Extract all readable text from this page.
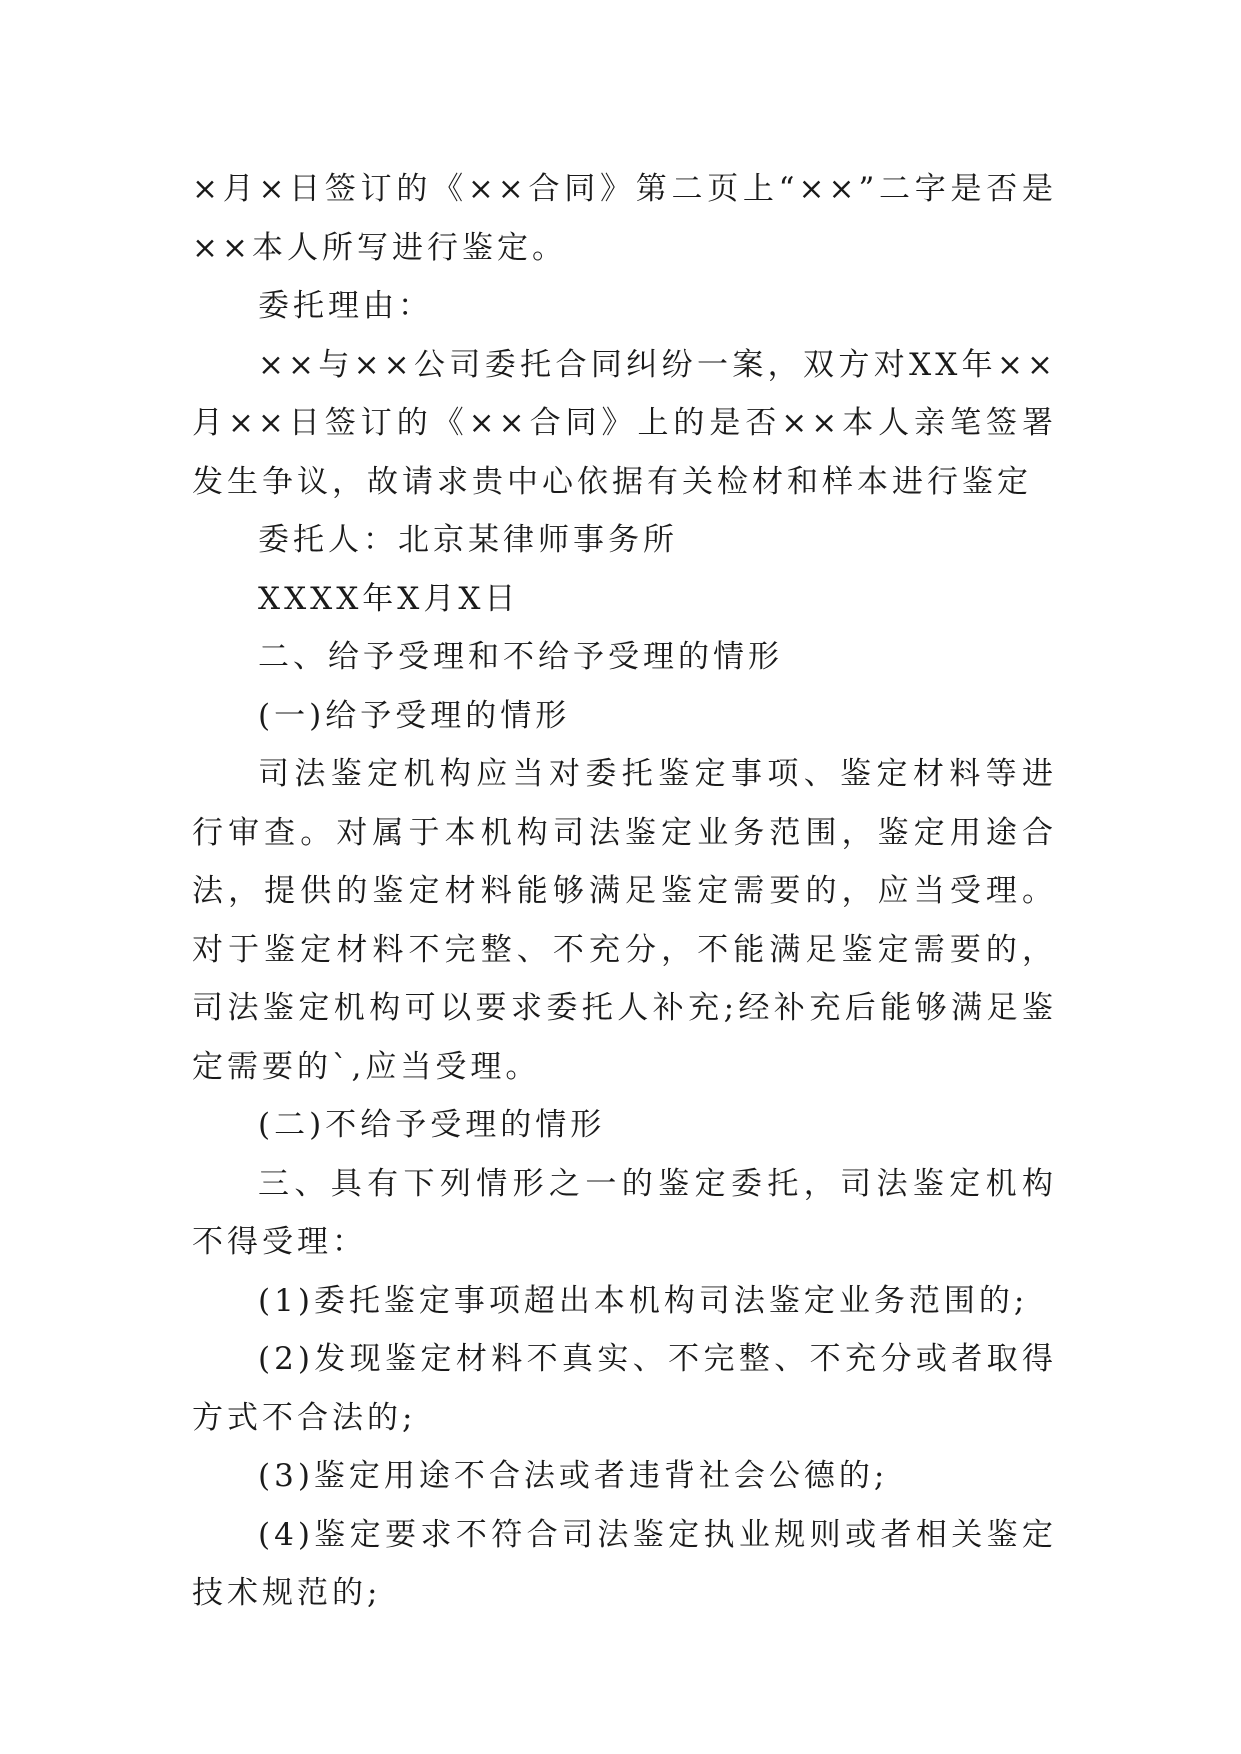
×月×日签订的《××合同》第二页上“××”二字是否是××本人所写进行鉴定。

委托理由：

××与××公司委托合同纠纷一案，双方对XX年××月××日签订的《××合同》上的是否××本人亲笔签署发生争议，故请求贵中心依据有关检材和样本进行鉴定

委托人：北京某律师事务所

XXXX年X月X日

二、给予受理和不给予受理的情形

(一)给予受理的情形

司法鉴定机构应当对委托鉴定事项、鉴定材料等进行审查。对属于本机构司法鉴定业务范围，鉴定用途合法，提供的鉴定材料能够满足鉴定需要的，应当受理。对于鉴定材料不完整、不充分，不能满足鉴定需要的，司法鉴定机构可以要求委托人补充;经补充后能够满足鉴定需要的`,应当受理。

(二)不给予受理的情形

三、具有下列情形之一的鉴定委托，司法鉴定机构不得受理：

(1)委托鉴定事项超出本机构司法鉴定业务范围的;

(2)发现鉴定材料不真实、不完整、不充分或者取得方式不合法的;

(3)鉴定用途不合法或者违背社会公德的;

(4)鉴定要求不符合司法鉴定执业规则或者相关鉴定技术规范的;
